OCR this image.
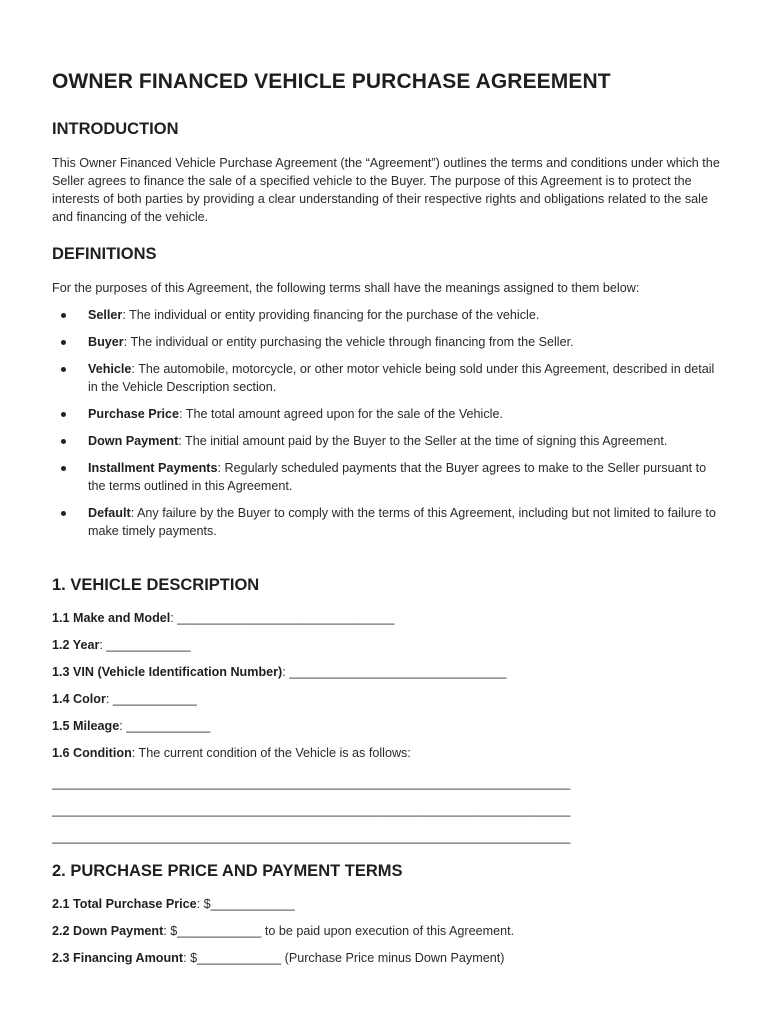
OWNER FINANCED VEHICLE PURCHASE AGREEMENT
INTRODUCTION

This Owner Financed Vehicle Purchase Agreement (the “Agreement”) outlines the terms and conditions under which the Seller agrees to finance the sale of a specified vehicle to the Buyer. The purpose of this Agreement is to protect the interests of both parties by providing a clear understanding of their respective rights and obligations related to the sale and financing of the vehicle.

DEFINITIONS

For the purposes of this Agreement, the following terms shall have the meanings assigned to them below:

Seller: The individual or entity providing financing for the purchase of the vehicle.
Buyer: The individual or entity purchasing the vehicle through financing from the Seller.
Vehicle: The automobile, motorcycle, or other motor vehicle being sold under this Agreement, described in detail in the Vehicle Description section.
Purchase Price: The total amount agreed upon for the sale of the Vehicle.
Down Payment: The initial amount paid by the Buyer to the Seller at the time of signing this Agreement.
Installment Payments: Regularly scheduled payments that the Buyer agrees to make to the Seller pursuant to the terms outlined in this Agreement.
Default: Any failure by the Buyer to comply with the terms of this Agreement, including but not limited to failure to make timely payments.
1. VEHICLE DESCRIPTION
1.1 Make and Model: _______________________________
1.2 Year: ____________
1.3 VIN (Vehicle Identification Number): _______________________________
1.4 Color: ____________
1.5 Mileage: ____________
1.6 Condition: The current condition of the Vehicle is as follows:
__________________________________________________________________________
__________________________________________________________________________
__________________________________________________________________________
2. PURCHASE PRICE AND PAYMENT TERMS
2.1 Total Purchase Price: $____________
2.2 Down Payment: $____________ to be paid upon execution of this Agreement.
2.3 Financing Amount: $____________ (Purchase Price minus Down Payment)
